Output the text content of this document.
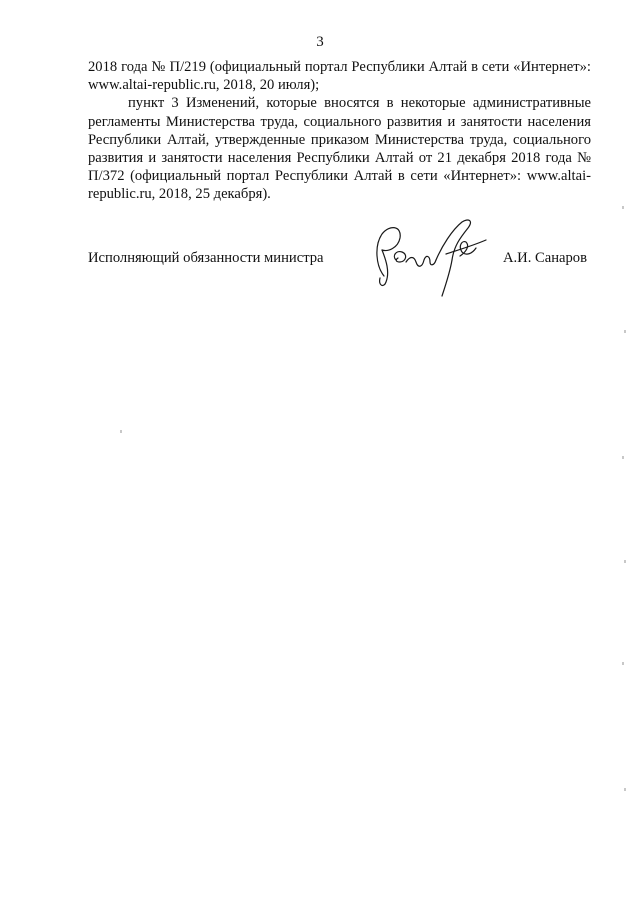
3

2018 года № П/219 (официальный портал Республики Алтай в сети «Интернет»: www.altai-republic.ru, 2018, 20 июля);

пункт 3 Изменений, которые вносятся в некоторые административные регламенты Министерства труда, социального развития и занятости населения Республики Алтай, утвержденные приказом Министерства труда, социального развития и занятости населения Республики Алтай от 21 декабря 2018 года № П/372 (официальный портал Республики Алтай в сети «Интернет»: www.altai-republic.ru, 2018, 25 декабря).

Исполняющий обязанности министра	А.И. Санаров
